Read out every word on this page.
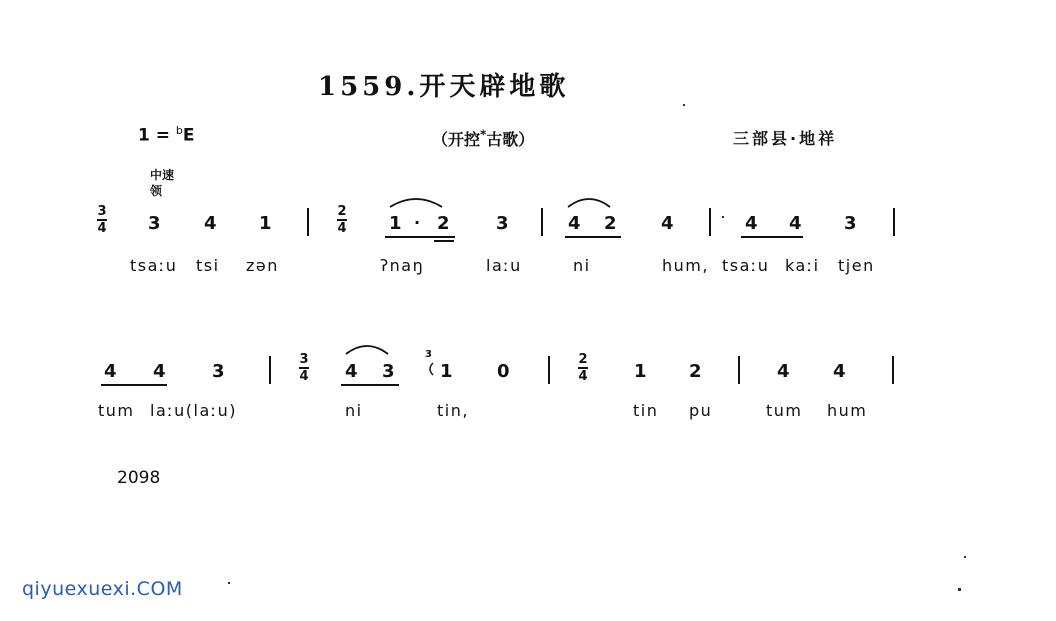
1559.开天辟地歌
1 = $^b$E	（开控*古歌）	三部县·地祥
中速领
3
4 3 4 1
2
4 1 · 2	3	4 2 4	4 4 3
tsaːu tsi zən	ʔnaŋ	laːu	ni	hum, tsaːu kaːi tjen
4 4	3
3
4 4 3
3
1 0
2
4	1 2	4 4
tum laːu(laːu)	ni	tin,	tin pu	tum hum
2098
qiyuexuexi.COM
